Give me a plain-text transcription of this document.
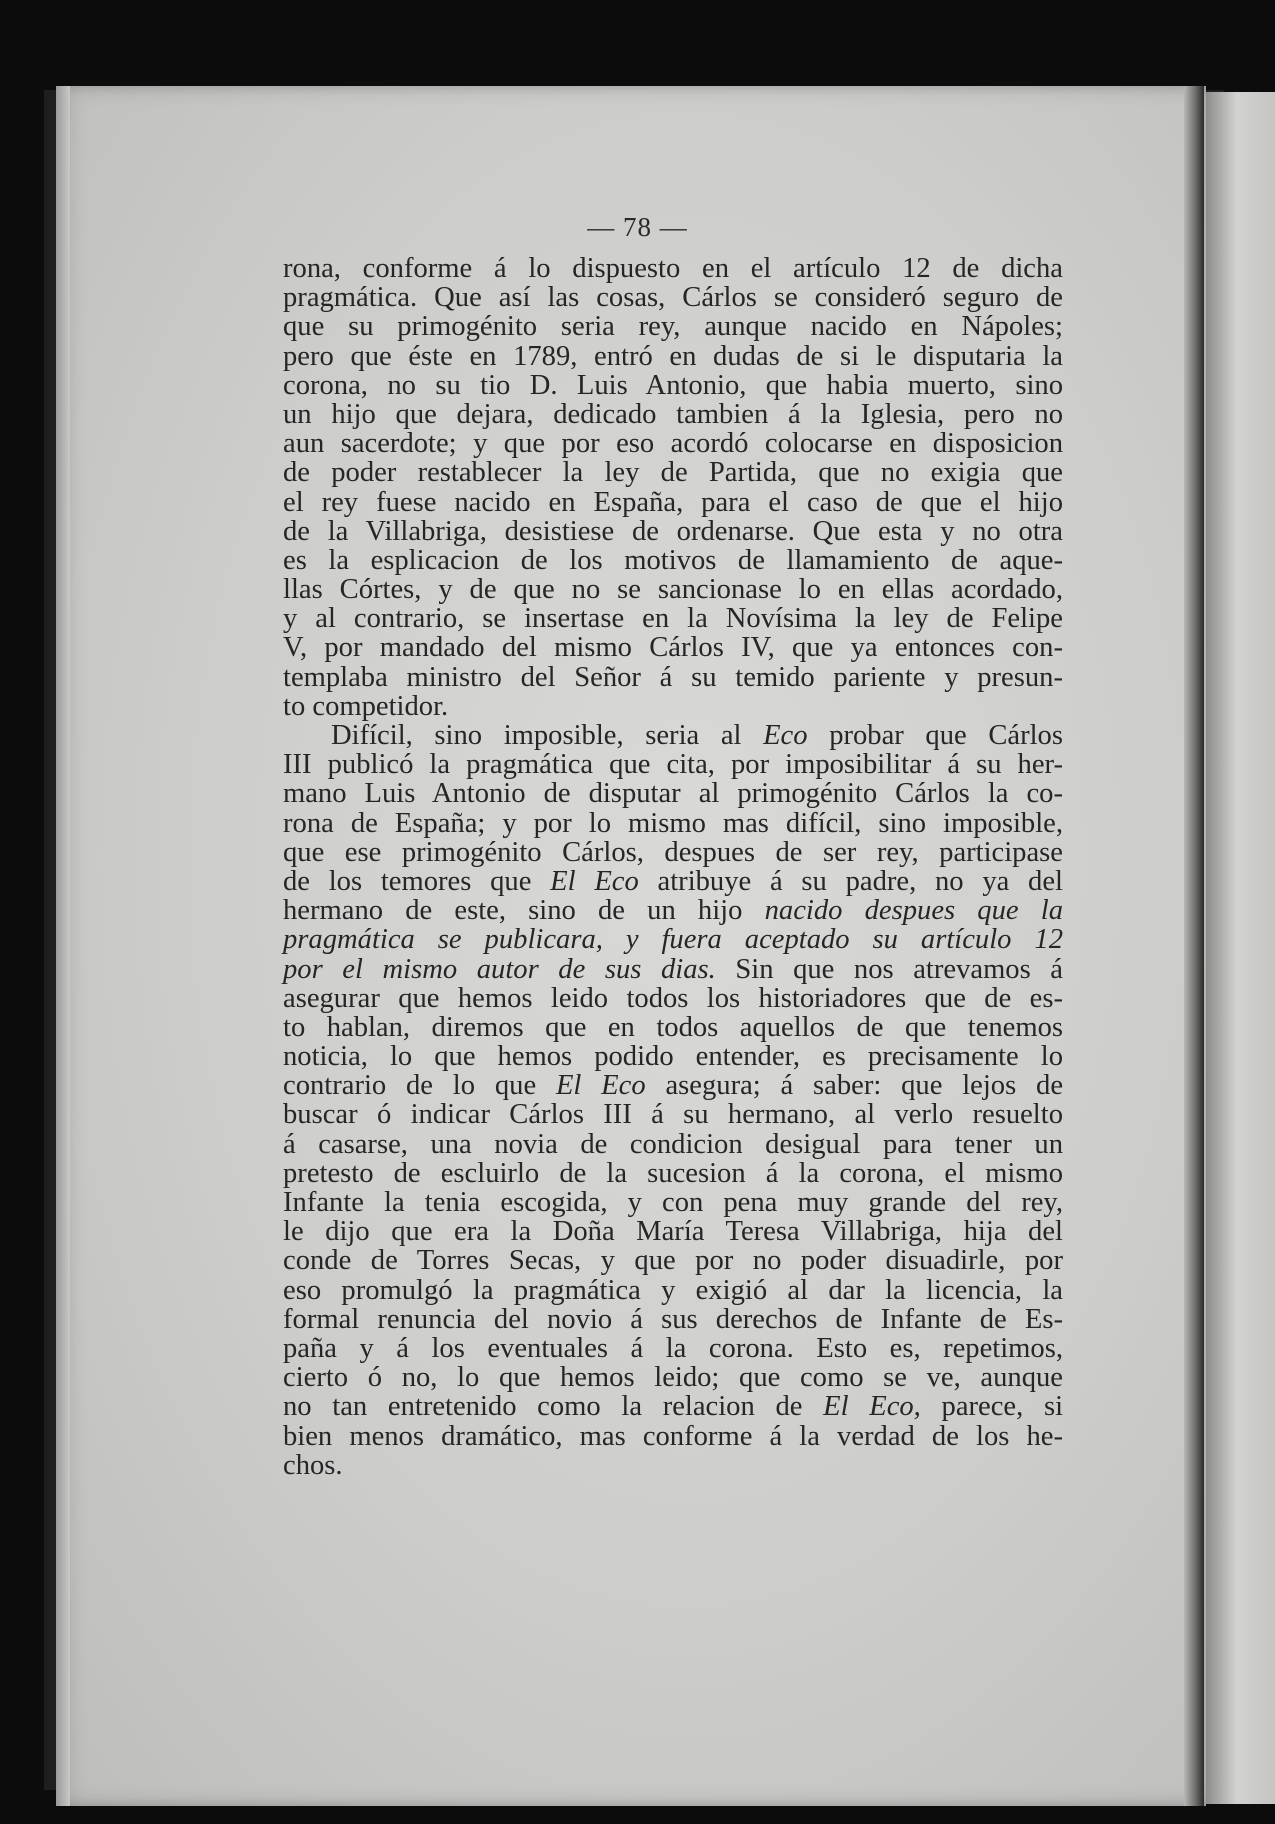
— 78 —
rona, conforme á lo dispuesto en el artículo 12 de dicha
pragmática. Que así las cosas, Cárlos se consideró seguro de
que su primogénito seria rey, aunque nacido en Nápoles;
pero que éste en 1789, entró en dudas de si le disputaria la
corona, no su tio D. Luis Antonio, que habia muerto, sino
un hijo que dejara, dedicado tambien á la Iglesia, pero no
aun sacerdote; y que por eso acordó colocarse en disposicion
de poder restablecer la ley de Partida, que no exigia que
el rey fuese nacido en España, para el caso de que el hijo
de la Villabriga, desistiese de ordenarse. Que esta y no otra
es la esplicacion de los motivos de llamamiento de aque-
llas Córtes, y de que no se sancionase lo en ellas acordado,
y al contrario, se insertase en la Novísima la ley de Felipe
V, por mandado del mismo Cárlos IV, que ya entonces con-
templaba ministro del Señor á su temido pariente y presun-
to competidor.
Difícil, sino imposible, seria al Eco probar que Cárlos
III publicó la pragmática que cita, por imposibilitar á su her-
mano Luis Antonio de disputar al primogénito Cárlos la co-
rona de España; y por lo mismo mas difícil, sino imposible,
que ese primogénito Cárlos, despues de ser rey, participase
de los temores que El Eco atribuye á su padre, no ya del
hermano de este, sino de un hijo nacido despues que la
pragmática se publicara, y fuera aceptado su artículo 12
por el mismo autor de sus dias. Sin que nos atrevamos á
asegurar que hemos leido todos los historiadores que de es-
to hablan, diremos que en todos aquellos de que tenemos
noticia, lo que hemos podido entender, es precisamente lo
contrario de lo que El Eco asegura; á saber: que lejos de
buscar ó indicar Cárlos III á su hermano, al verlo resuelto
á casarse, una novia de condicion desigual para tener un
pretesto de escluirlo de la sucesion á la corona, el mismo
Infante la tenia escogida, y con pena muy grande del rey,
le dijo que era la Doña María Teresa Villabriga, hija del
conde de Torres Secas, y que por no poder disuadirle, por
eso promulgó la pragmática y exigió al dar la licencia, la
formal renuncia del novio á sus derechos de Infante de Es-
paña y á los eventuales á la corona. Esto es, repetimos,
cierto ó no, lo que hemos leido; que como se ve, aunque
no tan entretenido como la relacion de El Eco, parece, si
bien menos dramático, mas conforme á la verdad de los he-
chos.
